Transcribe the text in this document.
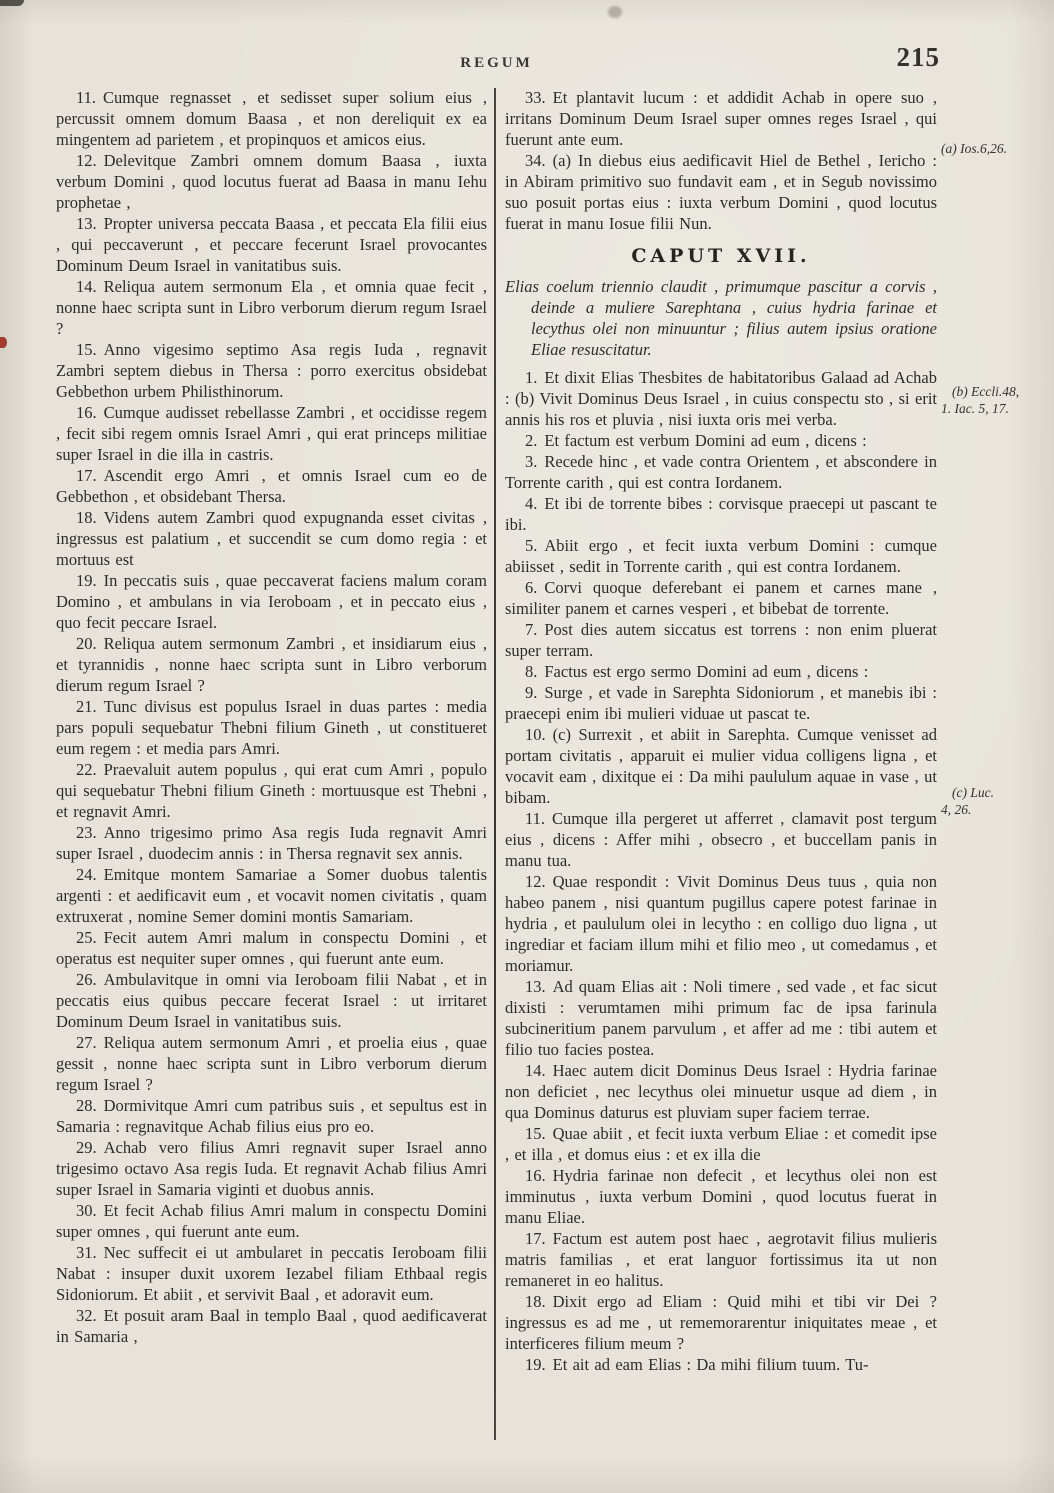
REGUM	215

11. Cumque regnasset , et sedisset super solium eius , percussit omnem domum Baasa , et non dereliquit ex ea mingentem ad parietem , et propinquos et amicos eius.

12. Delevitque Zambri omnem domum Baasa , iuxta verbum Domini , quod locutus fuerat ad Baasa in manu Iehu prophetae ,

13. Propter universa peccata Baasa , et peccata Ela filii eius , qui peccaverunt , et peccare fecerunt Israel provocantes Dominum Deum Israel in vanitatibus suis.

14. Reliqua autem sermonum Ela , et omnia quae fecit , nonne haec scripta sunt in Libro verborum dierum regum Israel ?

15. Anno vigesimo septimo Asa regis Iuda , regnavit Zambri septem diebus in Thersa : porro exercitus obsidebat Gebbethon urbem Philisthinorum.

16. Cumque audisset rebellasse Zambri , et occidisse regem , fecit sibi regem omnis Israel Amri , qui erat princeps militiae super Israel in die illa in castris.

17. Ascendit ergo Amri , et omnis Israel cum eo de Gebbethon , et obsidebant Thersa.

18. Videns autem Zambri quod expugnanda esset civitas , ingressus est palatium , et succendit se cum domo regia : et mortuus est

19. In peccatis suis , quae peccaverat faciens malum coram Domino , et ambulans in via Ieroboam , et in peccato eius , quo fecit peccare Israel.

20. Reliqua autem sermonum Zambri , et insidiarum eius , et tyrannidis , nonne haec scripta sunt in Libro verborum dierum regum Israel ?

21. Tunc divisus est populus Israel in duas partes : media pars populi sequebatur Thebni filium Gineth , ut constitueret eum regem : et media pars Amri.

22. Praevaluit autem populus , qui erat cum Amri , populo qui sequebatur Thebni filium Gineth : mortuusque est Thebni , et regnavit Amri.

23. Anno trigesimo primo Asa regis Iuda regnavit Amri super Israel , duodecim annis : in Thersa regnavit sex annis.

24. Emitque montem Samariae a Somer duobus talentis argenti : et aedificavit eum , et vocavit nomen civitatis , quam extruxerat , nomine Semer domini montis Samariam.

25. Fecit autem Amri malum in conspectu Domini , et operatus est nequiter super omnes , qui fuerunt ante eum.

26. Ambulavitque in omni via Ieroboam filii Nabat , et in peccatis eius quibus peccare fecerat Israel : ut irritaret Dominum Deum Israel in vanitatibus suis.

27. Reliqua autem sermonum Amri , et proelia eius , quae gessit , nonne haec scripta sunt in Libro verborum dierum regum Israel ?

28. Dormivitque Amri cum patribus suis , et sepultus est in Samaria : regnavitque Achab filius eius pro eo.

29. Achab vero filius Amri regnavit super Israel anno trigesimo octavo Asa regis Iuda. Et regnavit Achab filius Amri super Israel in Samaria viginti et duobus annis.

30. Et fecit Achab filius Amri malum in conspectu Domini super omnes , qui fuerunt ante eum.

31. Nec suffecit ei ut ambularet in peccatis Ieroboam filii Nabat : insuper duxit uxorem Iezabel filiam Ethbaal regis Sidoniorum. Et abiit , et servivit Baal , et adoravit eum.

32. Et posuit aram Baal in templo Baal , quod aedificaverat in Samaria ,

33. Et plantavit lucum : et addidit Achab in opere suo , irritans Dominum Deum Israel super omnes reges Israel , qui fuerunt ante eum.

34. (a) In diebus eius aedificavit Hiel de Bethel , Iericho : in Abiram primitivo suo fundavit eam , et in Segub novissimo suo posuit portas eius : iuxta verbum Domini , quod locutus fuerat in manu Iosue filii Nun.

CAPUT XVII.

Elias coelum triennio claudit , primumque pascitur a corvis , deinde a muliere Sarephtana , cuius hydria farinae et lecythus olei non minuuntur ; filius autem ipsius oratione Eliae resuscitatur.

1. Et dixit Elias Thesbites de habitatoribus Galaad ad Achab : (b) Vivit Dominus Deus Israel , in cuius conspectu sto , si erit annis his ros et pluvia , nisi iuxta oris mei verba.

2. Et factum est verbum Domini ad eum , dicens :

3. Recede hinc , et vade contra Orientem , et abscondere in Torrente carith , qui est contra Iordanem.

4. Et ibi de torrente bibes : corvisque praecepi ut pascant te ibi.

5. Abiit ergo , et fecit iuxta verbum Domini : cumque abiisset , sedit in Torrente carith , qui est contra Iordanem.

6. Corvi quoque deferebant ei panem et carnes mane , similiter panem et carnes vesperi , et bibebat de torrente.

7. Post dies autem siccatus est torrens : non enim pluerat super terram.

8. Factus est ergo sermo Domini ad eum , dicens :

9. Surge , et vade in Sarephta Sidoniorum , et manebis ibi : praecepi enim ibi mulieri viduae ut pascat te.

10. (c) Surrexit , et abiit in Sarephta. Cumque venisset ad portam civitatis , apparuit ei mulier vidua colligens ligna , et vocavit eam , dixitque ei : Da mihi paululum aquae in vase , ut bibam.

11. Cumque illa pergeret ut afferret , clamavit post tergum eius , dicens : Affer mihi , obsecro , et buccellam panis in manu tua.

12. Quae respondit : Vivit Dominus Deus tuus , quia non habeo panem , nisi quantum pugillus capere potest farinae in hydria , et paululum olei in lecytho : en colligo duo ligna , ut ingrediar et faciam illum mihi et filio meo , ut comedamus , et moriamur.

13. Ad quam Elias ait : Noli timere , sed vade , et fac sicut dixisti : verumtamen mihi primum fac de ipsa farinula subcineritium panem parvulum , et affer ad me : tibi autem et filio tuo facies postea.

14. Haec autem dicit Dominus Deus Israel : Hydria farinae non deficiet , nec lecythus olei minuetur usque ad diem , in qua Dominus daturus est pluviam super faciem terrae.

15. Quae abiit , et fecit iuxta verbum Eliae : et comedit ipse , et illa , et domus eius : et ex illa die

16. Hydria farinae non defecit , et lecythus olei non est imminutus , iuxta verbum Domini , quod locutus fuerat in manu Eliae.

17. Factum est autem post haec , aegrotavit filius mulieris matris familias , et erat languor fortissimus ita ut non remaneret in eo halitus.

18. Dixit ergo ad Eliam : Quid mihi et tibi vir Dei ? ingressus es ad me , ut rememorarentur iniquitates meae , et interficeres filium meum ?

19. Et ait ad eam Elias : Da mihi filium tuum. Tu-

(a) Ios.6,26.
(b) Eccli.48,
1. Iac. 5, 17.
(c) Luc.
4, 26.
